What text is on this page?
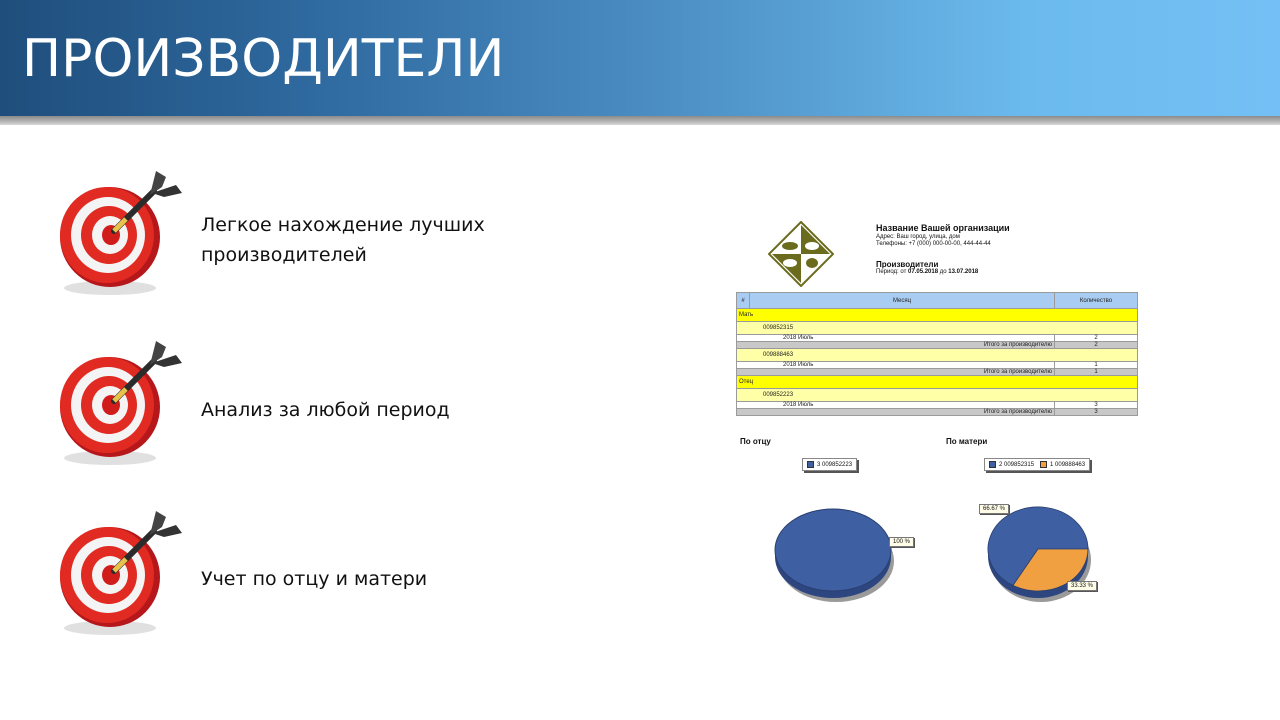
ПРОИЗВОДИТЕЛИ

Легкое нахождение лучших
производителей

Анализ за любой период

Учет по отцу и матери

Название Вашей организации
Адрес: Ваш город, улица, дом
Телефоны: +7 (000) 000-00-00, 444-44-44
Производители
Период: от 07.05.2018 до 13.07.2018
#	Месяц	Количество
Мать		
009852315		
2018 Июль		2
Итого за производителю		2
009888463		
2018 Июль		1
Итого за производителю		1
Отец		
009852223		
2018 Июль		3
Итого за производителю		3
По отцу	По матери
3 009852223	2 009852315	1 009888463
100 %
66.67 %
33.33 %
